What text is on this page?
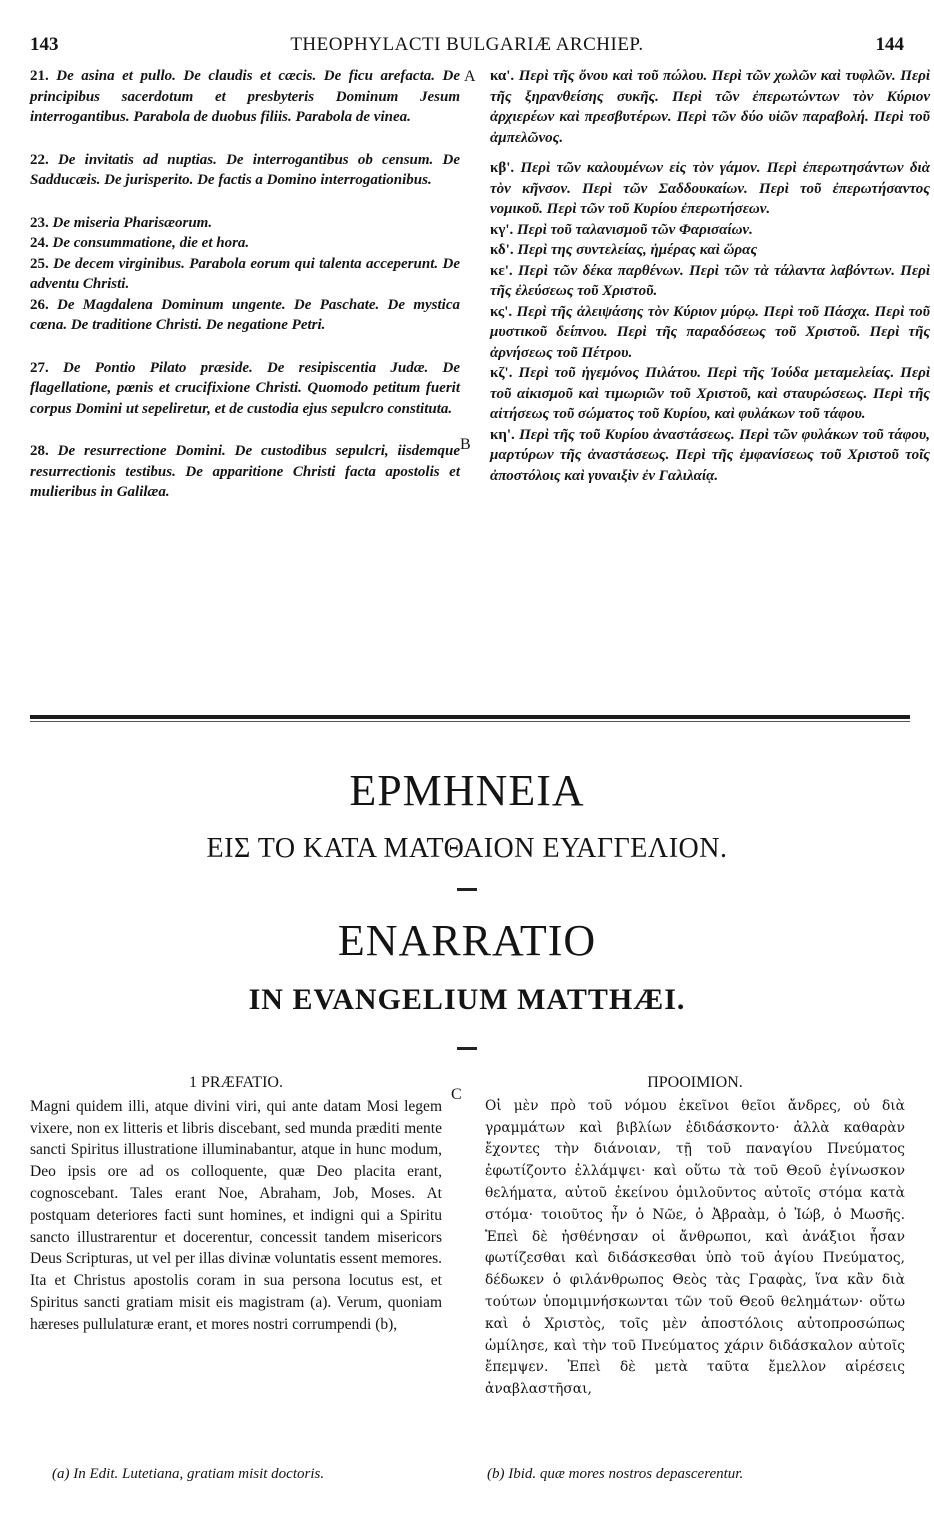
143	THEOPHYLACTI BULGARIÆ ARCHIEP.	144
21. De asina et pullo. De claudis et cæcis. De ficu arefacta. De principibus sacerdotum et presbyteris Dominum Jesum interrogantibus. Parabola de duobus filiis. Parabola de vinea.
22. De invitatis ad nuptias. De interrogantibus ob censum. De Sadducæis. De jurisperito. De factis a Domino interrogationibus.
23. De miseria Pharisæorum.
24. De consummatione, die et hora.
25. De decem virginibus. Parabola eorum qui talenta acceperunt. De adventu Christi.
26. De Magdalena Dominum ungente. De Paschate. De mystica cœna. De traditione Christi. De negatione Petri.
27. De Pontio Pilato præside. De resipiscentia Judæ. De flagellatione, pœnis et crucifixione Christi. Quomodo petitum fuerit corpus Domini ut sepeliretur, et de custodia ejus sepulcro constituta.
28. De resurrectione Domini. De custodibus sepulcri, iisdemque resurrectionis testibus. De apparitione Christi facta apostolis et mulieribus in Galilæa.
A
B
κα'. Περὶ τῆς ὄνου καὶ τοῦ πώλου. Περὶ τῶν χωλῶν καὶ τυφλῶν. Περὶ τῆς ξηρανθείσης συκῆς. Περὶ τῶν ἐπερωτώντων τὸν Κύριον ἀρχιερέων καὶ πρεσβυτέρων. Περὶ τῶν δύο υἱῶν παραβολή. Περὶ τοῦ ἀμπελῶνος.
κβ'. Περὶ τῶν καλουμένων εἰς τὸν γάμον. Περὶ ἐπερωτησάντων διὰ τὸν κῆνσον. Περὶ τῶν Σαδδουκαίων. Περὶ τοῦ ἐπερωτήσαντος νομικοῦ. Περὶ τῶν τοῦ Κυρίου ἐπερωτήσεων.
κγ'. Περὶ τοῦ ταλανισμοῦ τῶν Φαρισαίων.
κδ'. Περὶ της συντελείας, ἡμέρας καὶ ὥρας
κε'. Περὶ τῶν δέκα παρθένων. Περὶ τῶν τὰ τάλαντα λαβόντων. Περὶ τῆς ἐλεύσεως τοῦ Χριστοῦ.
κς'. Περὶ τῆς ἀλειψάσης τὸν Κύριον μύρῳ. Περὶ τοῦ Πάσχα. Περὶ τοῦ μυστικοῦ δείπνου. Περὶ τῆς παραδόσεως τοῦ Χριστοῦ. Περὶ τῆς ἀρνήσεως τοῦ Πέτρου.
κζ'. Περὶ τοῦ ἡγεμόνος Πιλάτου. Περὶ τῆς Ἰούδα μεταμελείας. Περὶ τοῦ αἰκισμοῦ καὶ τιμωριῶν τοῦ Χριστοῦ, καὶ σταυρώσεως. Περὶ τῆς αἰτήσεως τοῦ σώματος τοῦ Κυρίου, καὶ φυλάκων τοῦ τάφου.
κη'. Περὶ τῆς τοῦ Κυρίου ἀναστάσεως. Περὶ τῶν φυλάκων τοῦ τάφου, μαρτύρων τῆς ἀναστάσεως. Περὶ τῆς ἐμφανίσεως τοῦ Χριστοῦ τοῖς ἀποστόλοις καὶ γυναιξὶν ἐν Γαλιλαίᾳ.
ΕΡΜΗΝΕΙΑ
ΕΙΣ ΤΟ ΚΑΤΑ ΜΑΤΘΑΙΟΝ ΕΥΑΓΓΕΛΙΟΝ.
ENARRATIO
IN EVANGELIUM MATTHÆI.
C
1 PRÆFATIO.
Magni quidem illi, atque divini viri, qui ante datam Mosi legem vixere, non ex litteris et libris discebant, sed munda præditi mente sancti Spiritus illustratione illuminabantur, atque in hunc modum, Deo ipsis ore ad os colloquente, quæ Deo placita erant, cognoscebant. Tales erant Noe, Abraham, Job, Moses. At postquam deteriores facti sunt homines, et indigni qui a Spiritu sancto illustrarentur et docerentur, concessit tandem misericors Deus Scripturas, ut vel per illas divinæ voluntatis essent memores. Ita et Christus apostolis coram in sua persona locutus est, et Spiritus sancti gratiam misit eis magistram (a). Verum, quoniam hæreses pullulaturæ erant, et mores nostri corrumpendi (b),
ΠΡΟΟΙΜΙΟΝ.
Οἱ μὲν πρὸ τοῦ νόμου ἐκεῖνοι θεῖοι ἄνδρες, οὐ διὰ γραμμάτων καὶ βιβλίων ἐδιδάσκοντο· ἀλλὰ καθαρὰν ἔχοντες τὴν διάνοιαν, τῇ τοῦ παναγίου Πνεύματος ἐφωτίζοντο ἐλλάμψει· καὶ οὕτω τὰ τοῦ Θεοῦ ἐγίνωσκον θελήματα, αὐτοῦ ἐκείνου ὁμιλοῦντος αὐτοῖς στόμα κατὰ στόμα· τοιοῦτος ἦν ὁ Νῶε, ὁ Ἀβραὰμ, ὁ Ἰώβ, ὁ Μωσῆς. Ἐπεὶ δὲ ἠσθένησαν οἱ ἄνθρωποι, καὶ ἀνάξιοι ἦσαν φωτίζεσθαι καὶ διδάσκεσθαι ὑπὸ τοῦ ἁγίου Πνεύματος, δέδωκεν ὁ φιλάνθρωπος Θεὸς τὰς Γραφὰς, ἵνα κἂν διὰ τούτων ὑπομιμνήσκωνται τῶν τοῦ Θεοῦ θελημάτων· οὕτω καὶ ὁ Χριστὸς, τοῖς μὲν ἀποστόλοις αὐτοπροσώπως ὡμίλησε, καὶ τὴν τοῦ Πνεύματος χάριν διδάσκαλον αὐτοῖς ἔπεμψεν. Ἐπεὶ δὲ μετὰ ταῦτα ἔμελλον αἱρέσεις ἀναβλαστῆσαι,
(a) In Edit. Lutetiana, gratiam misit doctoris.	(b) Ibid. quæ mores nostros depascerentur.
